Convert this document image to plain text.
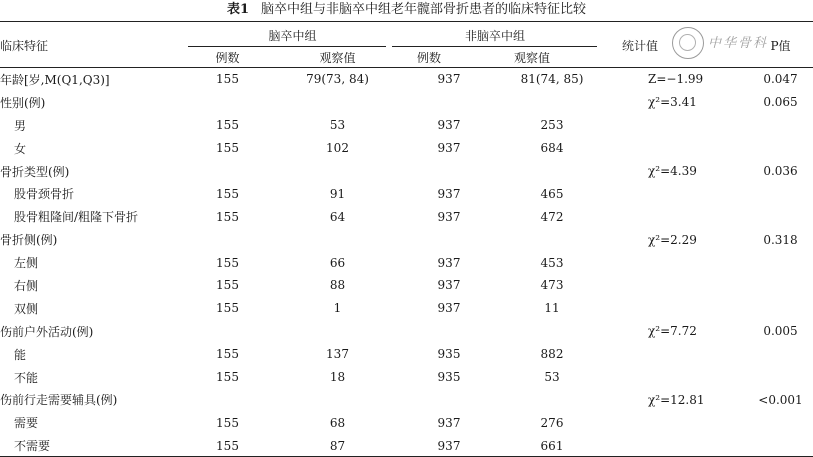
表1 脑卒中组与非脑卒中组老年髋部骨折患者的临床特征比较
临床特征
脑卒中组	非脑卒中组
例数	观察值	例数	观察值
统计值	P值
中华骨科
年龄[岁,M(Q1,Q3)]	155	79(73, 84)	937	81(74, 85)	Z=−1.99	0.047
性别(例)					χ²=3.41	0.065
男	155	53	937	253		
女	155	102	937	684		
骨折类型(例)					χ²=4.39	0.036
股骨颈骨折	155	91	937	465		
股骨粗隆间/粗隆下骨折	155	64	937	472		
骨折侧(例)					χ²=2.29	0.318
左侧	155	66	937	453		
右侧	155	88	937	473		
双侧	155	1	937	11		
伤前户外活动(例)					χ²=7.72	0.005
能	155	137	935	882		
不能	155	18	935	53		
伤前行走需要辅具(例)					χ²=12.81	<0.001
需要	155	68	937	276		
不需要	155	87	937	661		
